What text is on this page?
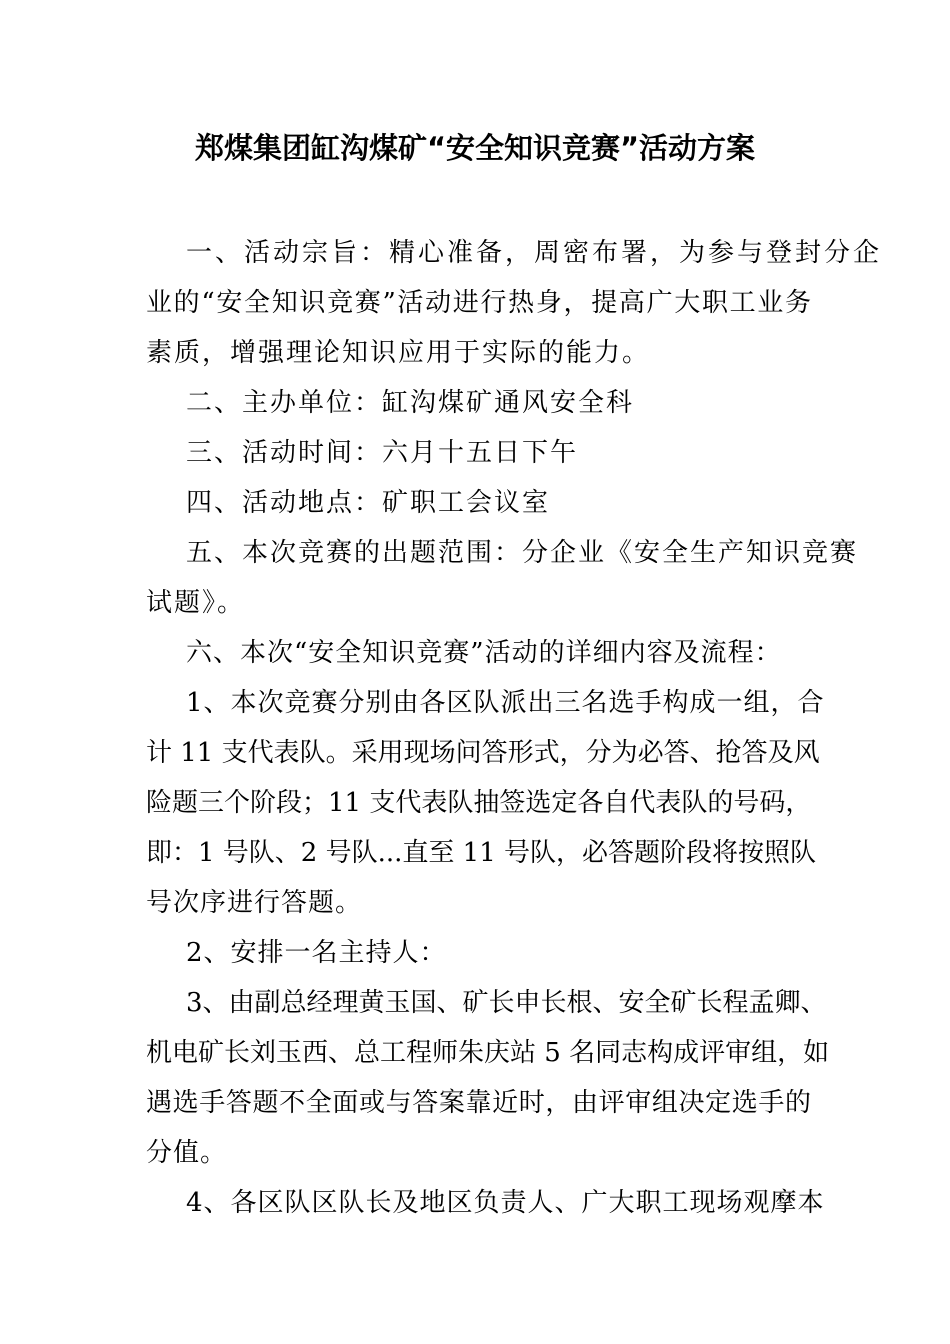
郑煤集团缸沟煤矿“安全知识竞赛”活动方案
一、活动宗旨：精心准备，周密布署，为参与登封分企
业的“安全知识竞赛”活动进行热身，提高广大职工业务
素质，增强理论知识应用于实际的能力。
二、主办单位：缸沟煤矿通风安全科
三、活动时间：六月十五日下午
四、活动地点：矿职工会议室
五、本次竞赛的出题范围：分企业《安全生产知识竞赛
试题》。
六、本次“安全知识竞赛”活动的详细内容及流程：
1、本次竞赛分别由各区队派出三名选手构成一组，合
计 11 支代表队。采用现场问答形式，分为必答、抢答及风
险题三个阶段；11 支代表队抽签选定各自代表队的号码，
即：1 号队、2 号队...直至 11 号队，必答题阶段将按照队
号次序进行答题。
2、安排一名主持人：
3、由副总经理黄玉国、矿长申长根、安全矿长程孟卿、
机电矿长刘玉西、总工程师朱庆站 5 名同志构成评审组，如
遇选手答题不全面或与答案靠近时，由评审组决定选手的
分值。
4、各区队区队长及地区负责人、广大职工现场观摩本
